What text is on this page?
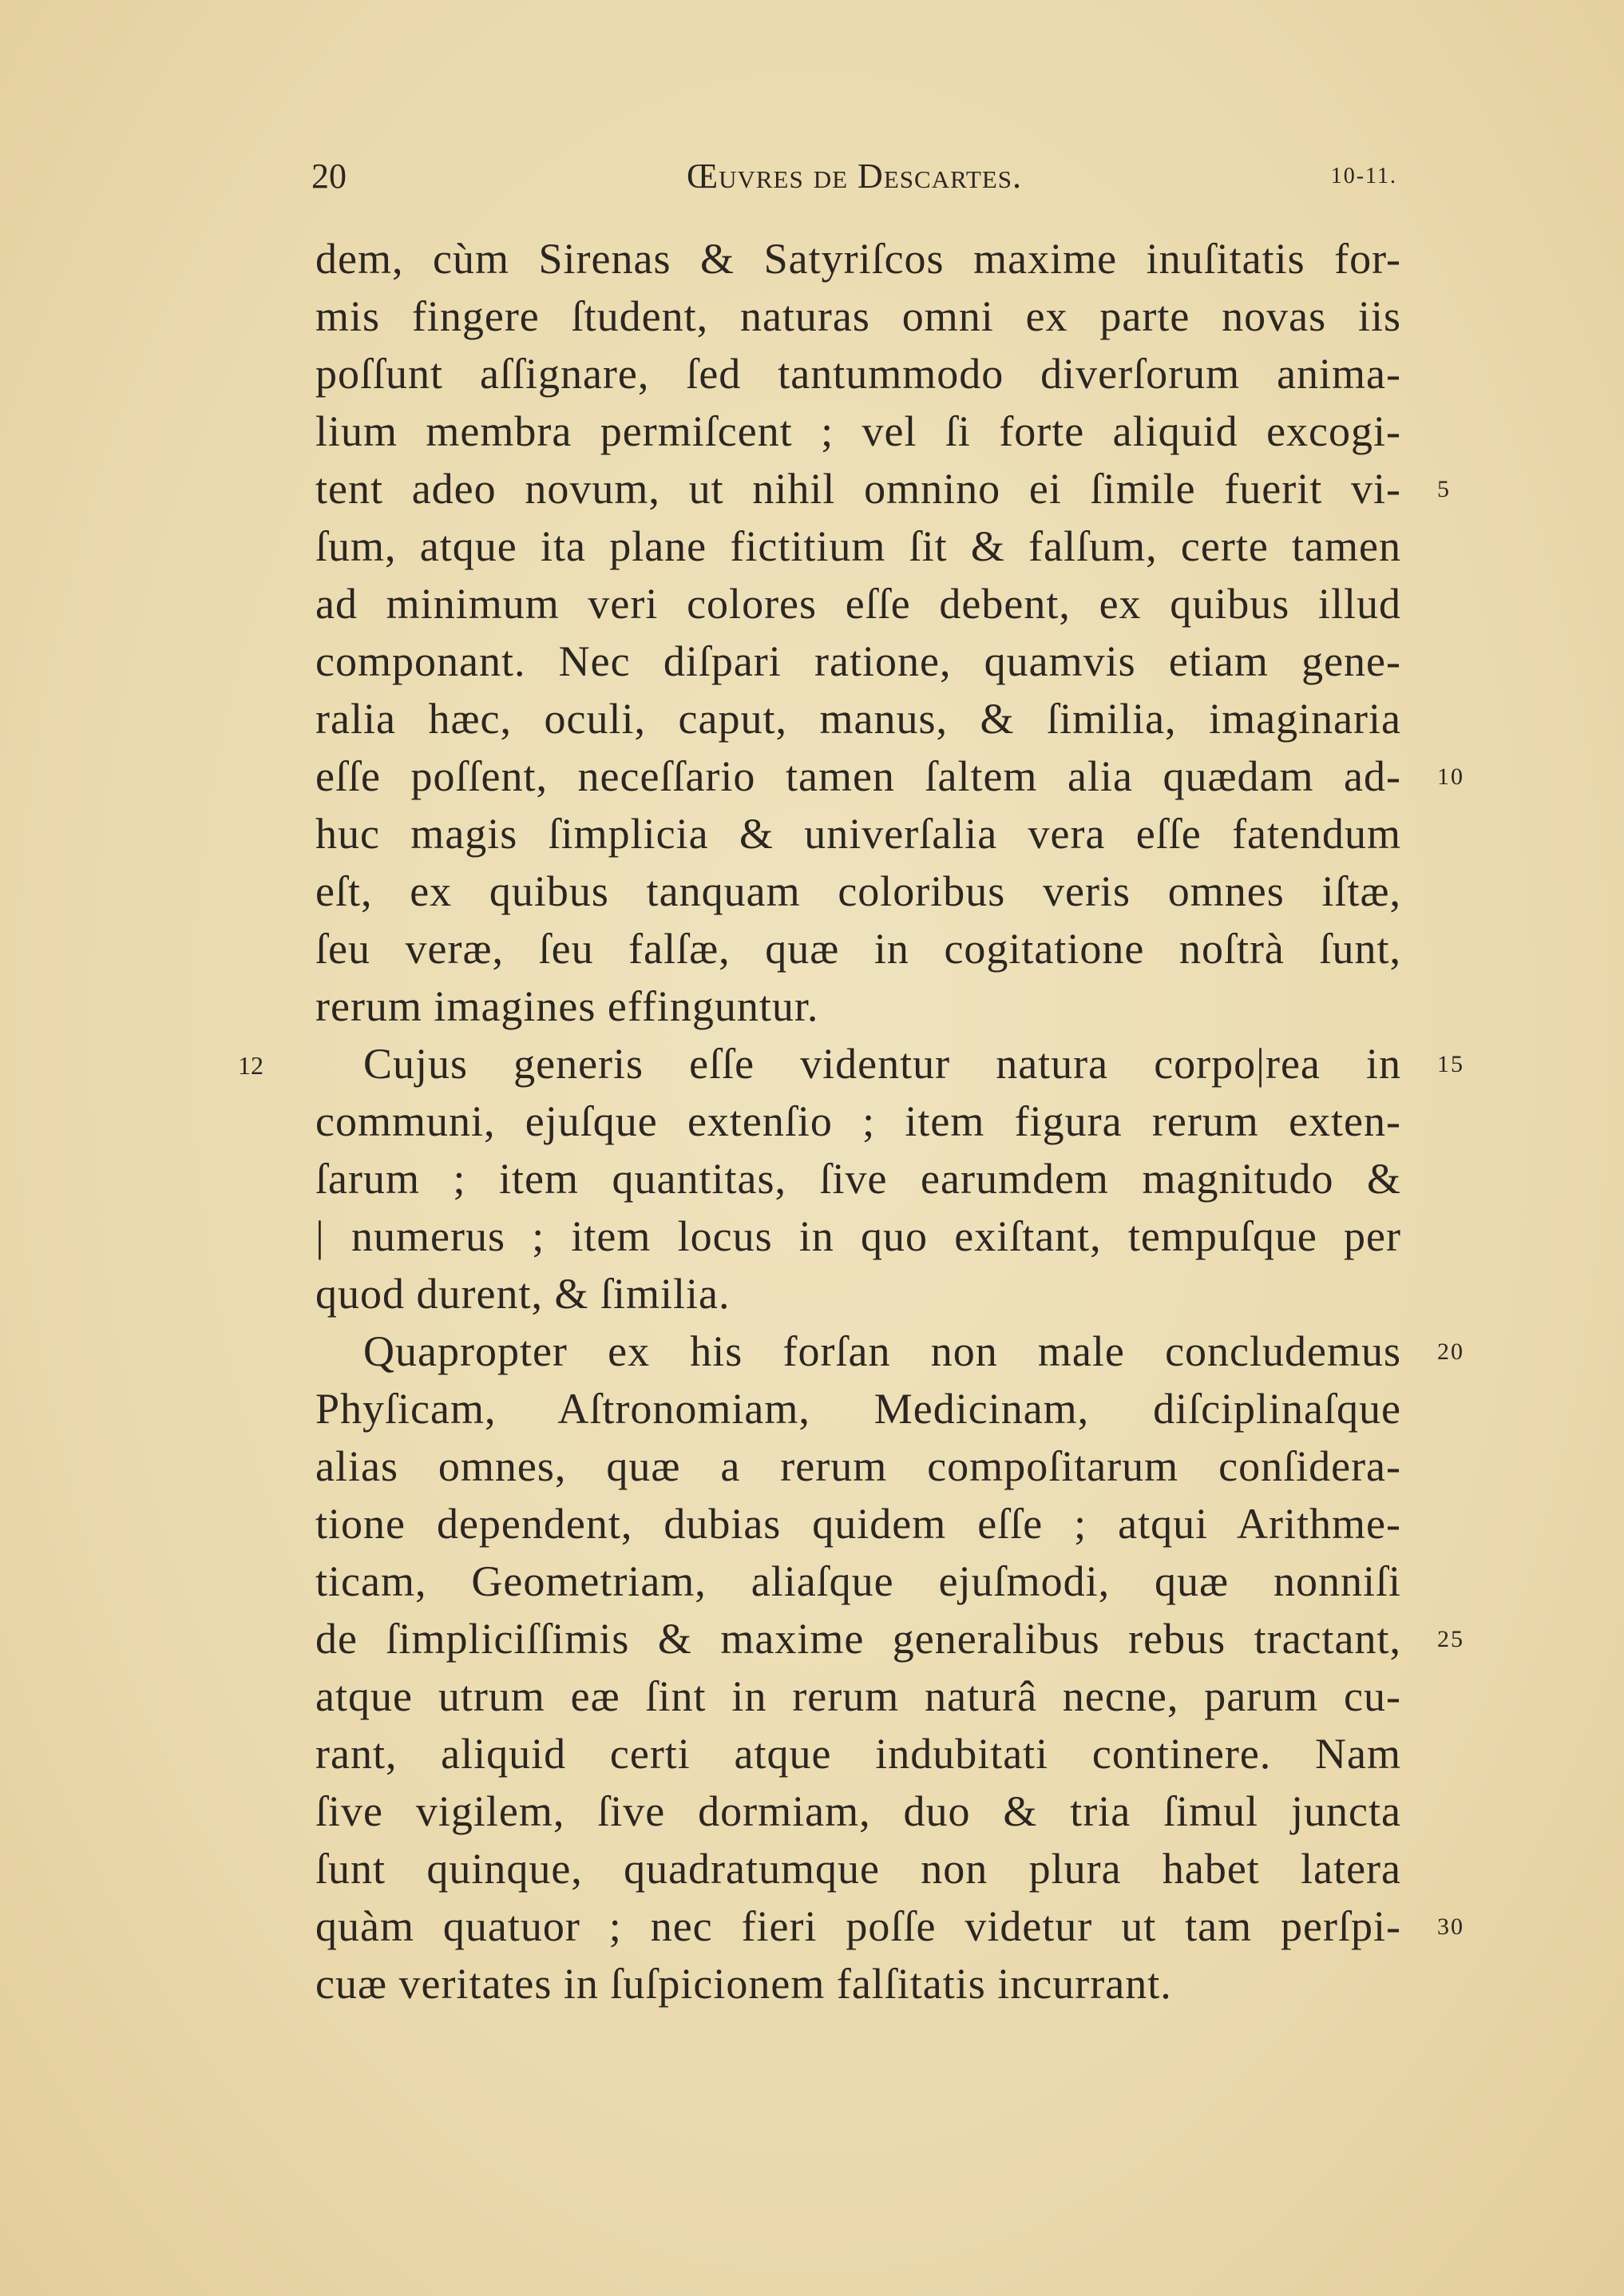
20	Œuvres de Descartes.	10-11.
dem, cùm Sirenas & Satyriſcos maxime inuſitatis for-
mis fingere ſtudent, naturas omni ex parte novas iis
poſſunt aſſignare, ſed tantummodo diverſorum anima-
lium membra permiſcent ; vel ſi forte aliquid excogi-
tent adeo novum, ut nihil omnino ei ſimile fuerit vi-
ſum, atque ita plane fictitium ſit & falſum, certe tamen
ad minimum veri colores eſſe debent, ex quibus illud
componant. Nec diſpari ratione, quamvis etiam gene-
ralia hæc, oculi, caput, manus, & ſimilia, imaginaria
eſſe poſſent, neceſſario tamen ſaltem alia quædam ad-
huc magis ſimplicia & univerſalia vera eſſe fatendum
eſt, ex quibus tanquam coloribus veris omnes iſtæ,
ſeu veræ, ſeu falſæ, quæ in cogitatione noſtrà ſunt,
rerum imagines effinguntur.
Cujus generis eſſe videntur natura corpo|rea in
communi, ejuſque extenſio ; item figura rerum exten-
ſarum ; item quantitas, ſive earumdem magnitudo &
| numerus ; item locus in quo exiſtant, tempuſque per
quod durent, & ſimilia.
Quapropter ex his forſan non male concludemus
Phyſicam, Aſtronomiam, Medicinam, diſciplinaſque
alias omnes, quæ a rerum compoſitarum conſidera-
tione dependent, dubias quidem eſſe ; atqui Arithme-
ticam, Geometriam, aliaſque ejuſmodi, quæ nonniſi
de ſimpliciſſimis & maxime generalibus rebus tractant,
atque utrum eæ ſint in rerum naturâ necne, parum cu-
rant, aliquid certi atque indubitati continere. Nam
ſive vigilem, ſive dormiam, duo & tria ſimul juncta
ſunt quinque, quadratumque non plura habet latera
quàm quatuor ; nec fieri poſſe videtur ut tam perſpi-
cuæ veritates in ſuſpicionem falſitatis incurrant.
5
10
15
20
25
30
12
